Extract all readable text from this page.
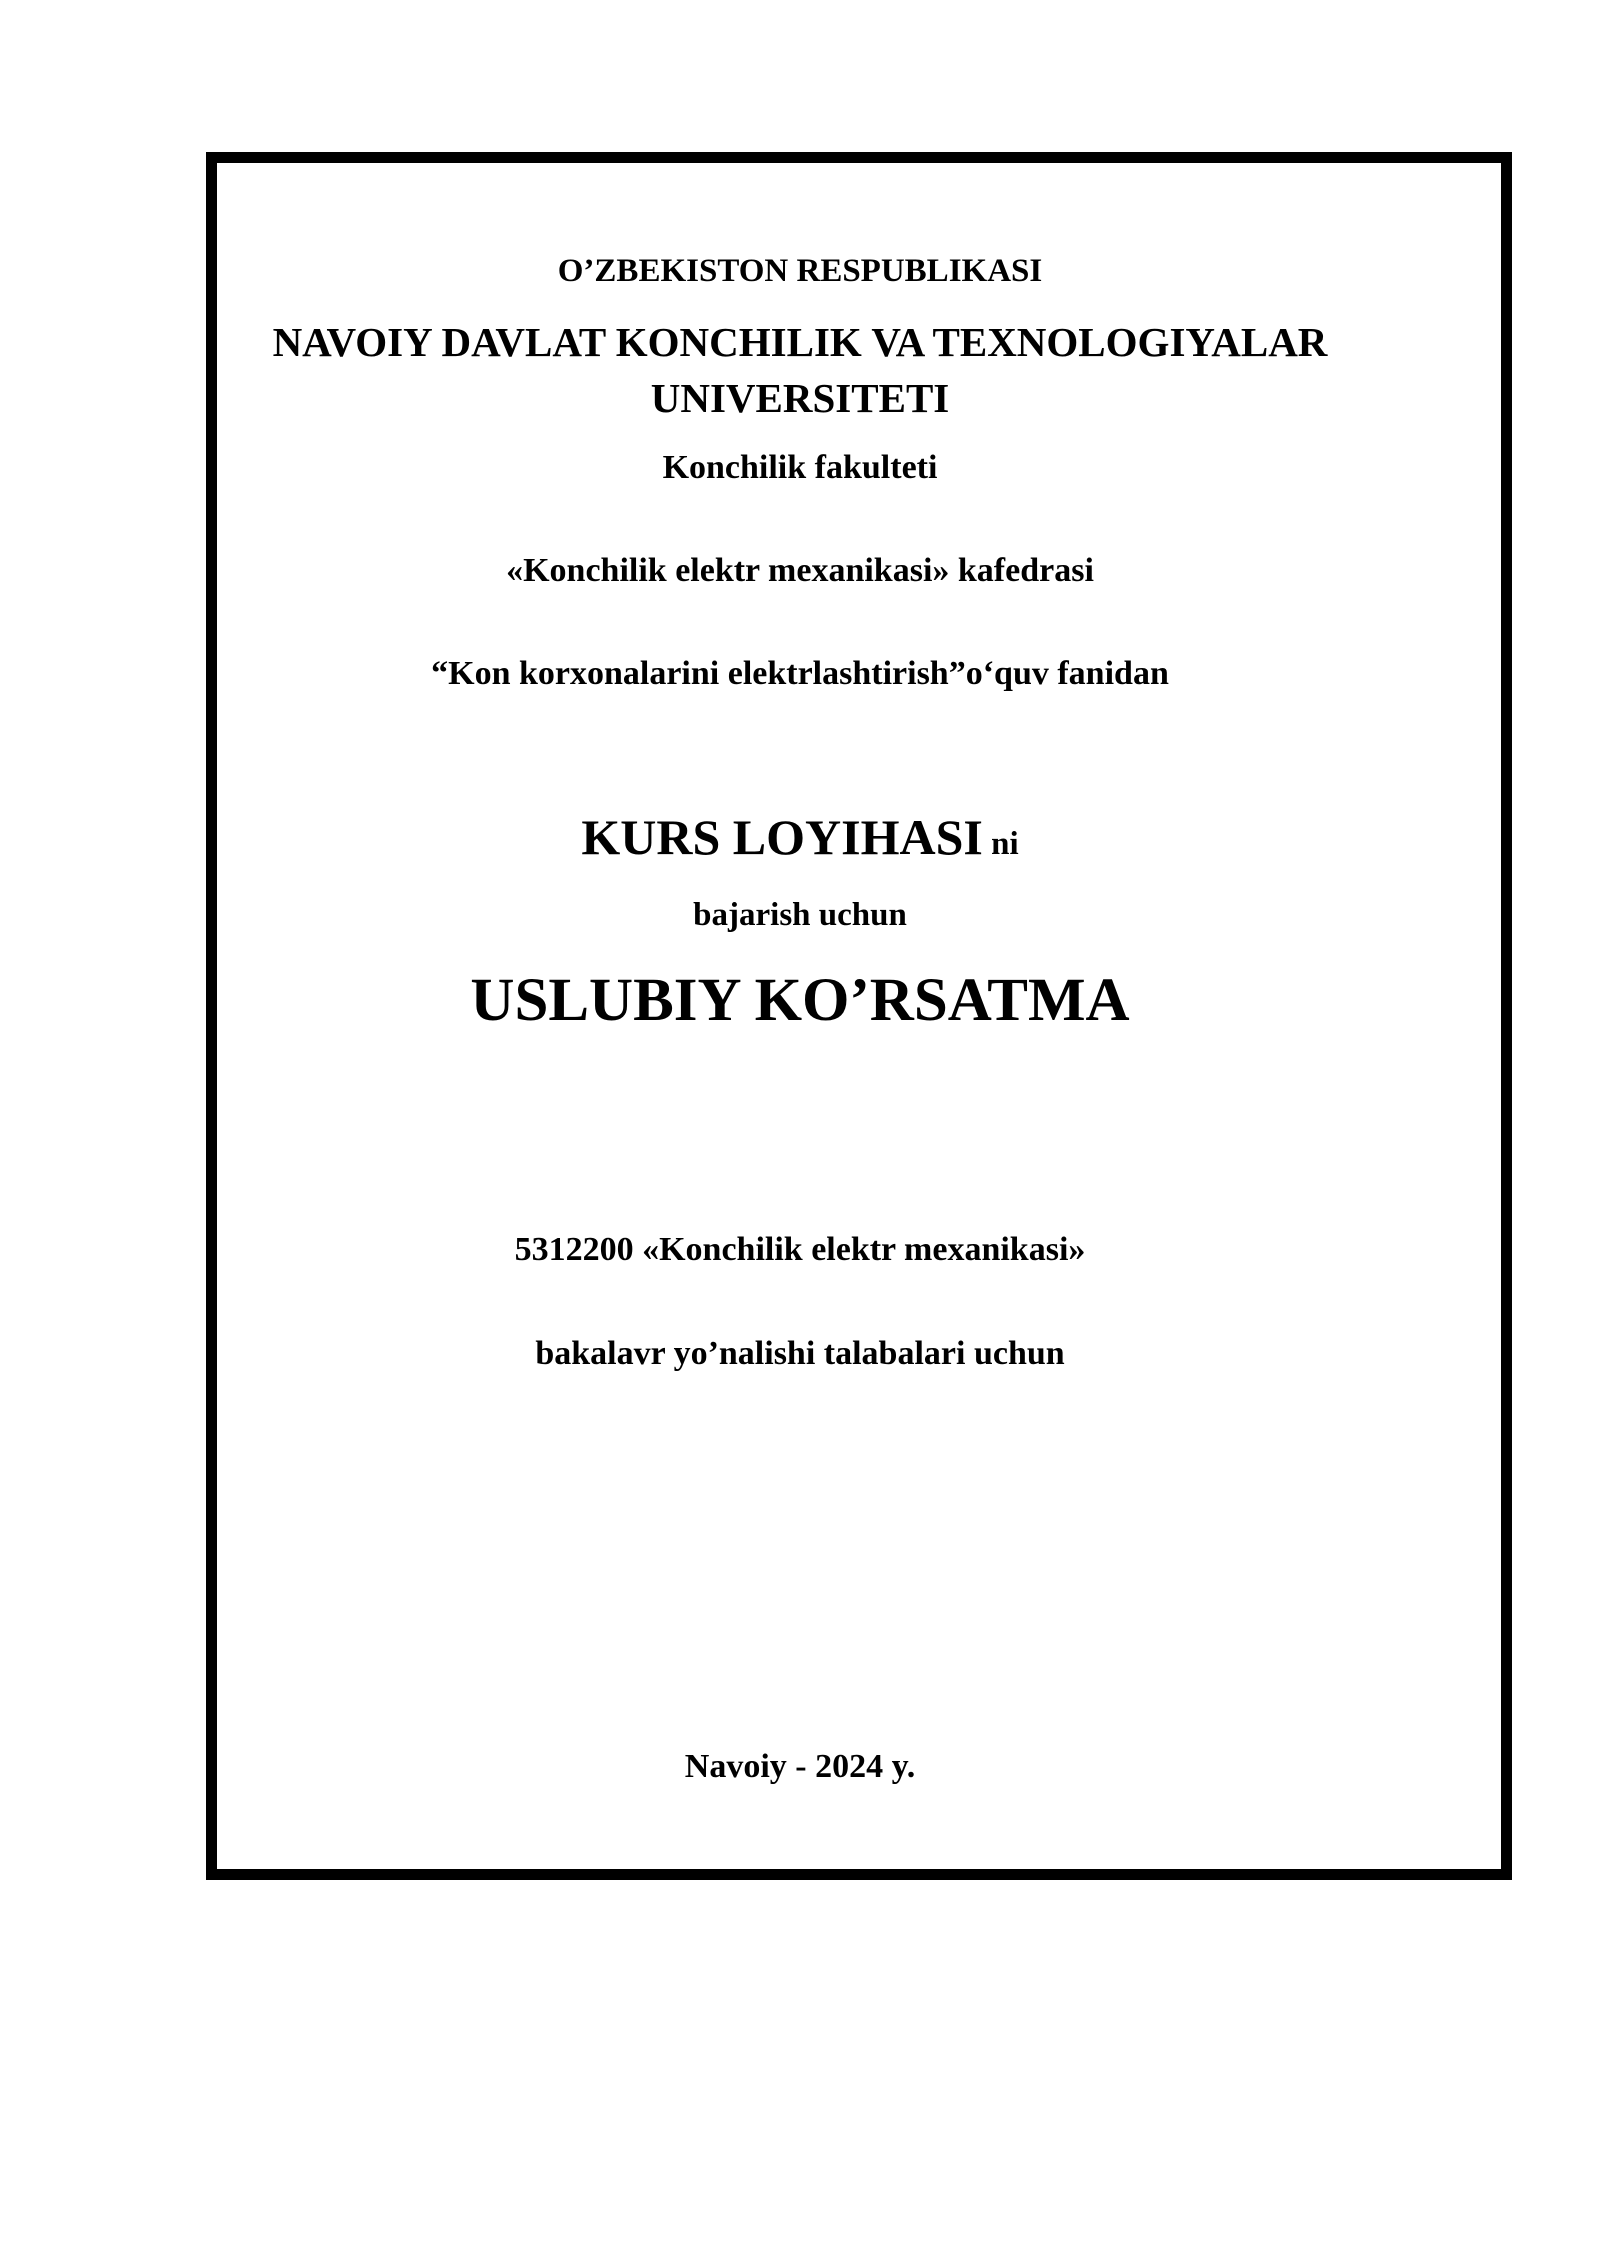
O’ZBEKISTON RESPUBLIKASI
NAVOIY DAVLAT KONCHILIK VA TEXNOLOGIYALAR
UNIVERSITETI
Konchilik fakulteti
«Konchilik elektr mexanikasi» kafedrasi
“Kon korxonalarini elektrlashtirish”o‘quv fanidan
KURS LOYIHASI ni
bajarish uchun
USLUBIY KO’RSATMA
5312200 «Konchilik elektr mexanikasi»
bakalavr yo’nalishi talabalari uchun
Navoiy - 2024 y.
